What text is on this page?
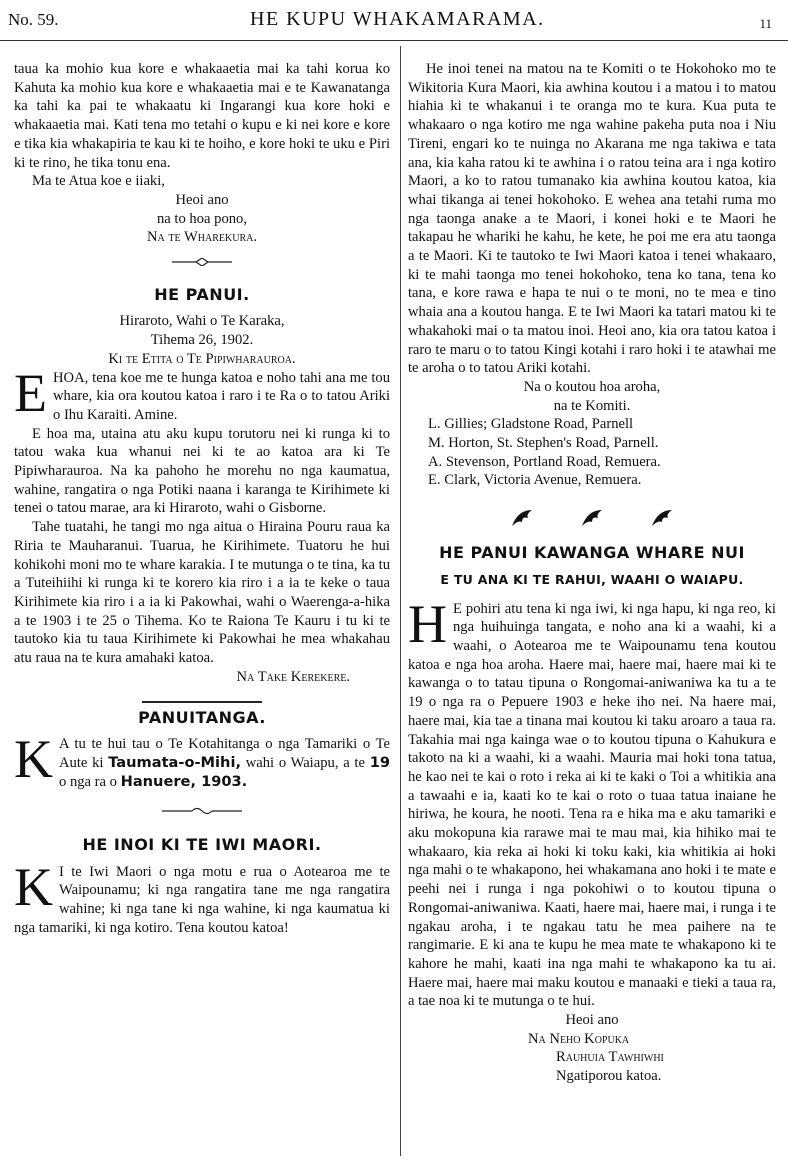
No. 59.	HE KUPU WHAKAMARAMA.	11

taua ka mohio kua kore e whakaaetia mai ka tahi korua ko Kahuta ka mohio kua kore e whakaaetia mai e te Kawanatanga ka tahi ka pai te whakaatu ki Ingarangi kua kore hoki e whakaaetia mai. Kati tena mo tetahi o kupu e ki nei kore e kore e tika kia whakapiria te kau ki te hoiho, e kore hoki te uku e Piri ki te rino, he tika tonu ena.

Ma te Atua koe e iiaki,

Heoi ano

na to hoa pono,

Na te Wharekura.

HE PANUI.

Hiraroto, Wahi o Te Karaka,

Tihema 26, 1902.

Ki te Etita o Te Pipiwharauroa.

E HOA, tena koe me te hunga katoa e noho tahi ana me tou whare, kia ora koutou katoa i raro i te Ra o to tatou Ariki o Ihu Karaiti. Amine.

E hoa ma, utaina atu aku kupu torutoru nei ki runga ki to tatou waka kua whanui nei ki te ao katoa ara ki Te Pipiwharauroa. Na ka pahoho he morehu no nga kaumatua, wahine, rangatira o nga Potiki naana i karanga te Kirihimete ki tenei o tatou marae, ara ki Hiraroto, wahi o Gisborne.

Tahe tuatahi, he tangi mo nga aitua o Hiraina Pouru raua ka Riria te Mauharanui. Tuarua, he Kirihimete. Tuatoru he hui kohikohi moni mo te whare karakia. I te mutunga o te tina, ka tu a Tuteihiihi ki runga ki te korero kia riro i a ia te keke o taua Kirihimete kia riro i a ia ki Pakowhai, wahi o Waerenga-a-hika a te 1903 i te 25 o Tihema. Ko te Raiona Te Kauru i tu ki te tautoko kia tu taua Kirihimete ki Pakowhai he mea whakahau atu raua na te kura amahaki katoa.

Na Take Kerekere.

PANUITANGA.

K A tu te hui tau o Te Kotahitanga o nga Tamariki o Te Aute ki Taumata-o-Mihi, wahi o Waiapu, a te 19 o nga ra o Hanuere, 1903.

HE INOI KI TE IWI MAORI.

K I te Iwi Maori o nga motu e rua o Aotearoa me te Waipounamu; ki nga rangatira tane me nga rangatira wahine; ki nga tane ki nga wahine, ki nga kaumatua ki nga tamariki, ki nga kotiro. Tena koutou katoa!

He inoi tenei na matou na te Komiti o te Hokohoko mo te Wikitoria Kura Maori, kia awhina koutou i a matou i to matou hiahia ki te whakanui i te oranga mo te kura. Kua puta te whakaaro o nga kotiro me nga wahine pakeha puta noa i Niu Tireni, engari ko te nuinga no Akarana me nga takiwa e tata ana, kia kaha ratou ki te awhina i o ratou teina ara i nga kotiro Maori, a ko to ratou tumanako kia awhina koutou katoa, kia whai tikanga ai tenei hokohoko. E wehea ana tetahi ruma mo nga taonga anake a te Maori, i konei hoki e te Maori he takapau he whariki he kahu, he kete, he poi me era atu taonga a te Maori. Ki te tautoko te Iwi Maori katoa i tenei whakaaro, ki te mahi taonga mo tenei hokohoko, tena ko tana, tena ko tana, e kore rawa e hapa te nui o te moni, no te mea e tino whaia ana a koutou hanga. E te Iwi Maori ka tatari matou ki te whakahoki mai o ta matou inoi. Heoi ano, kia ora tatou katoa i raro te maru o to tatou Kingi kotahi i raro hoki i te atawhai me te aroha o to tatou Ariki kotahi.

Na o koutou hoa aroha,

na te Komiti.

L. Gillies; Gladstone Road, Parnell

M. Horton, St. Stephen's Road, Parnell.

A. Stevenson, Portland Road, Remuera.

E. Clark, Victoria Avenue, Remuera.

HE PANUI KAWANGA WHARE NUI
E TU ANA KI TE RAHUI, WAAHI O WAIAPU.

H E pohiri atu tena ki nga iwi, ki nga hapu, ki nga reo, ki nga huihuinga tangata, e noho ana ki a waahi, ki a waahi, o Aotearoa me te Waipounamu tena koutou katoa e nga hoa aroha. Haere mai, haere mai, haere mai ki te kawanga o to tatau tipuna o Rongomai-aniwaniwa ka tu a te 19 o nga ra o Pepuere 1903 e heke iho nei. Na haere mai, haere mai, kia tae a tinana mai koutou ki taku aroaro a taua ra. Takahia mai nga kainga wae o to koutou tipuna o Kahukura e takoto na ki a waahi, ki a waahi. Mauria mai hoki tona tatua, he kao nei te kai o roto i reka ai ki te kaki o Toi a whitikia ana a tawaahi e ia, kaati ko te kai o roto o tuaa tatua inaiane he hiriwa, he koura, he nooti. Tena ra e hika ma e aku tamariki e aku mokopuna kia rarawe mai te mau mai, kia hihiko mai te whakaaro, kia reka ai hoki ki toku kaki, kia whitikia ai hoki nga mahi o te whakapono, hei whakamana ano hoki i te mate e peehi nei i runga i nga pokohiwi o to koutou tipuna o Rongomai-aniwaniwa. Kaati, haere mai, haere mai, i runga i te ngakau aroha, i te ngakau tatu he mea paihere na te rangimarie. E ki ana te kupu he mea mate te whakapono ki te kahore he mahi, kaati ina nga mahi te whakapono ka tu ai. Haere mai, haere mai maku koutou e manaaki e tieki a taua ra, a tae noa ki te mutunga o te hui.

Heoi ano

Na Neho Kopuka

Rauhuia Tawhiwhi

Ngatiporou katoa.
